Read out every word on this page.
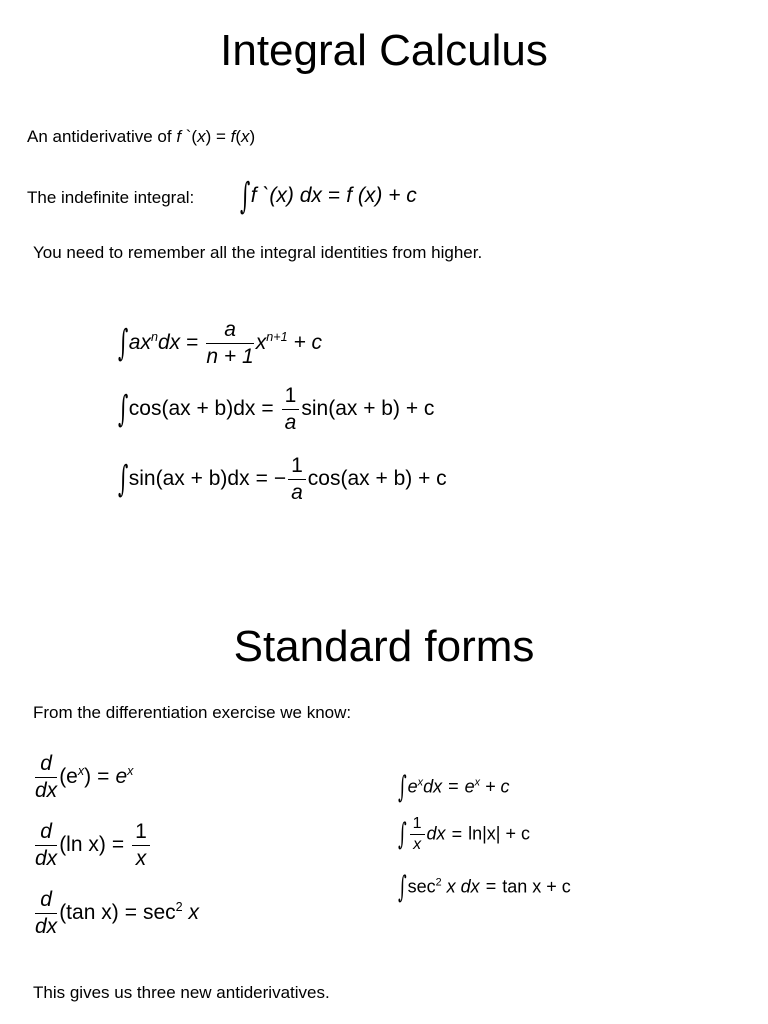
Integral Calculus
An antiderivative of f `(x) = f(x)
The indefinite integral: ∫f `(x) dx = f (x) + c
You need to remember all the integral identities from higher.
$\int ax^ndx = \frac{a}{n + 1} x^{n+1} + c$
$\int\cos(ax + b)dx = \frac{1}{a} \sin(ax + b) + c$
∫sin(ax + b)dx = − $\frac{1}{a} \cos(ax + b) + c$
Standard forms
From the differentiation exercise we know:
$\frac{d}{dx} (e^x) = e^x$
$\frac{d}{dx} (\ln$ $x) = \frac{1}{x}$
$\frac{d}{dx} (\tan$ $x) = \sec^2 x$
$\int e^xdx = e^x + c$
∫ $\frac{1}{x}$ dx = ln|x| + c
$\int\sec^2$ x dx = tan x + c
This gives us three new antiderivatives.
